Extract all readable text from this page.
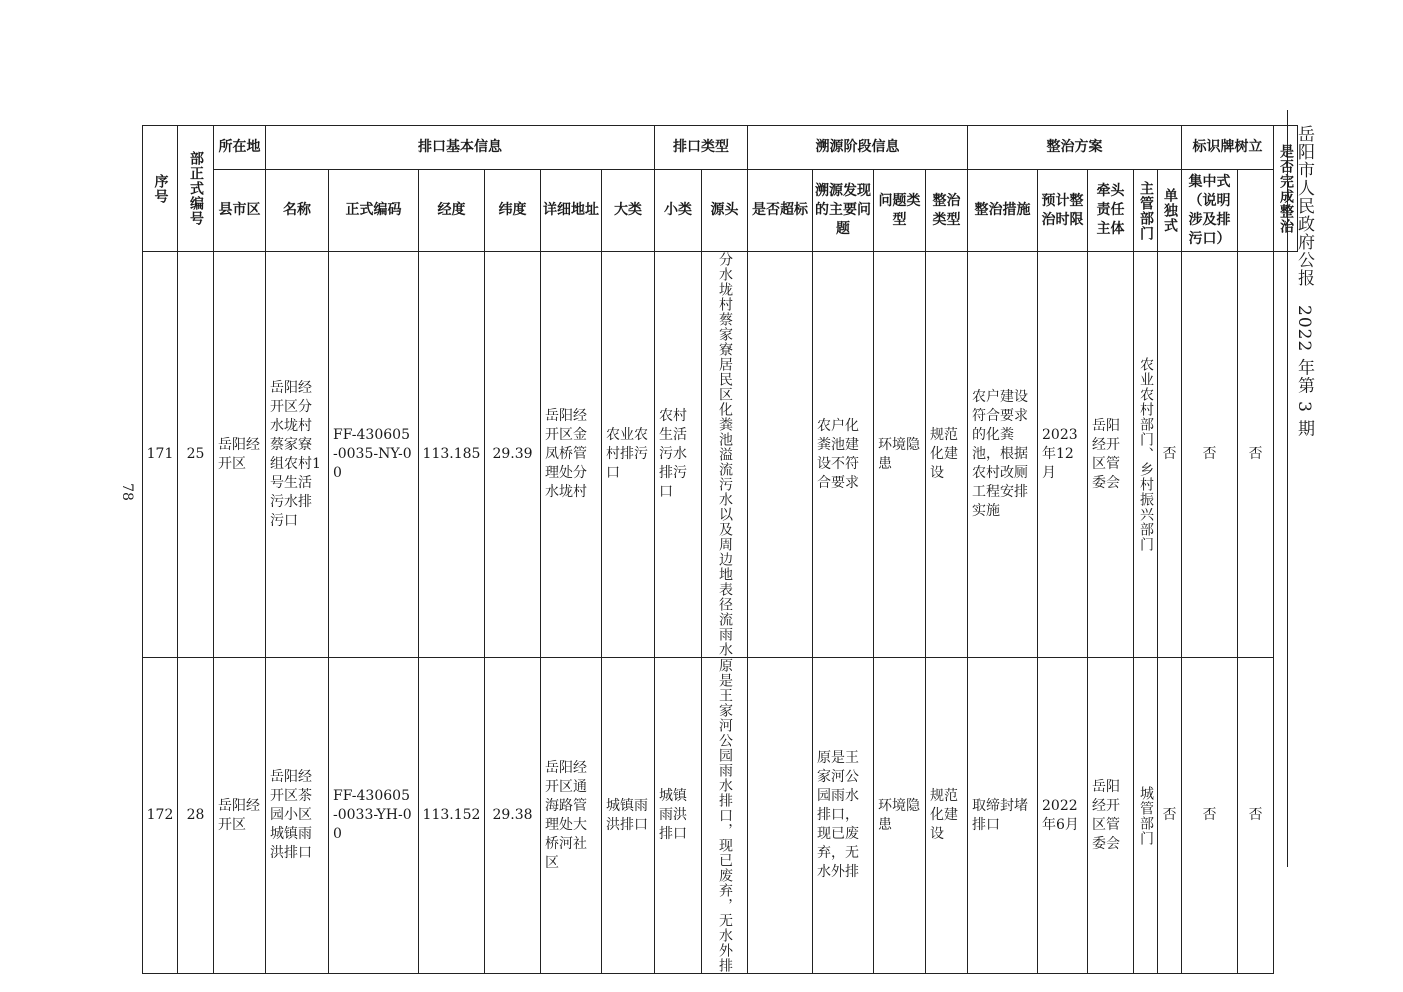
78
岳阳市人民政府公报　2022 年第 3 期
序号	部正式编号	所在地	排口基本信息						排口类型		溯源阶段信息				整治方案					标识牌树立		是否完成整治

		县市区	名称	正式编码	经度	纬度	详细地址	大类	小类	源头	是否超标	溯源发现的主要问题	问题类型	整治类型	整治措施	预计整治时限	牵头责任主体	主管部门	单独式	集中式（说明涉及排污口）		
171	25	岳阳经开区	岳阳经开区分水垅村蔡家寮组农村1号生活污水排污口	FF-430605-0035-NY-00	113.185	29.39	岳阳经开区金凤桥管理处分水垅村	农业农村排污口	农村生活污水排污口	分水垅村蔡家寮居民区化粪池溢流污水以及周边地表径流雨水		农户化粪池建设不符合要求	环境隐患	规范化建设	农户建设符合要求的化粪池，根据农村改厕工程安排实施	2023年12月	岳阳经开区管委会	农业农村部门、乡村振兴部门	否	否	否	
172	28	岳阳经开区	岳阳经开区茶园小区城镇雨洪排口	FF-430605-0033-YH-00	113.152	29.38	岳阳经开区通海路管理处大桥河社区	城镇雨洪排口	城镇雨洪排口	原是王家河公园雨水排口，现已废弃，无水外排		原是王家河公园雨水排口，现已废弃，无水外排	环境隐患	规范化建设	取缔封堵排口	2022年6月	岳阳经开区管委会	城管部门	否	否	否	
